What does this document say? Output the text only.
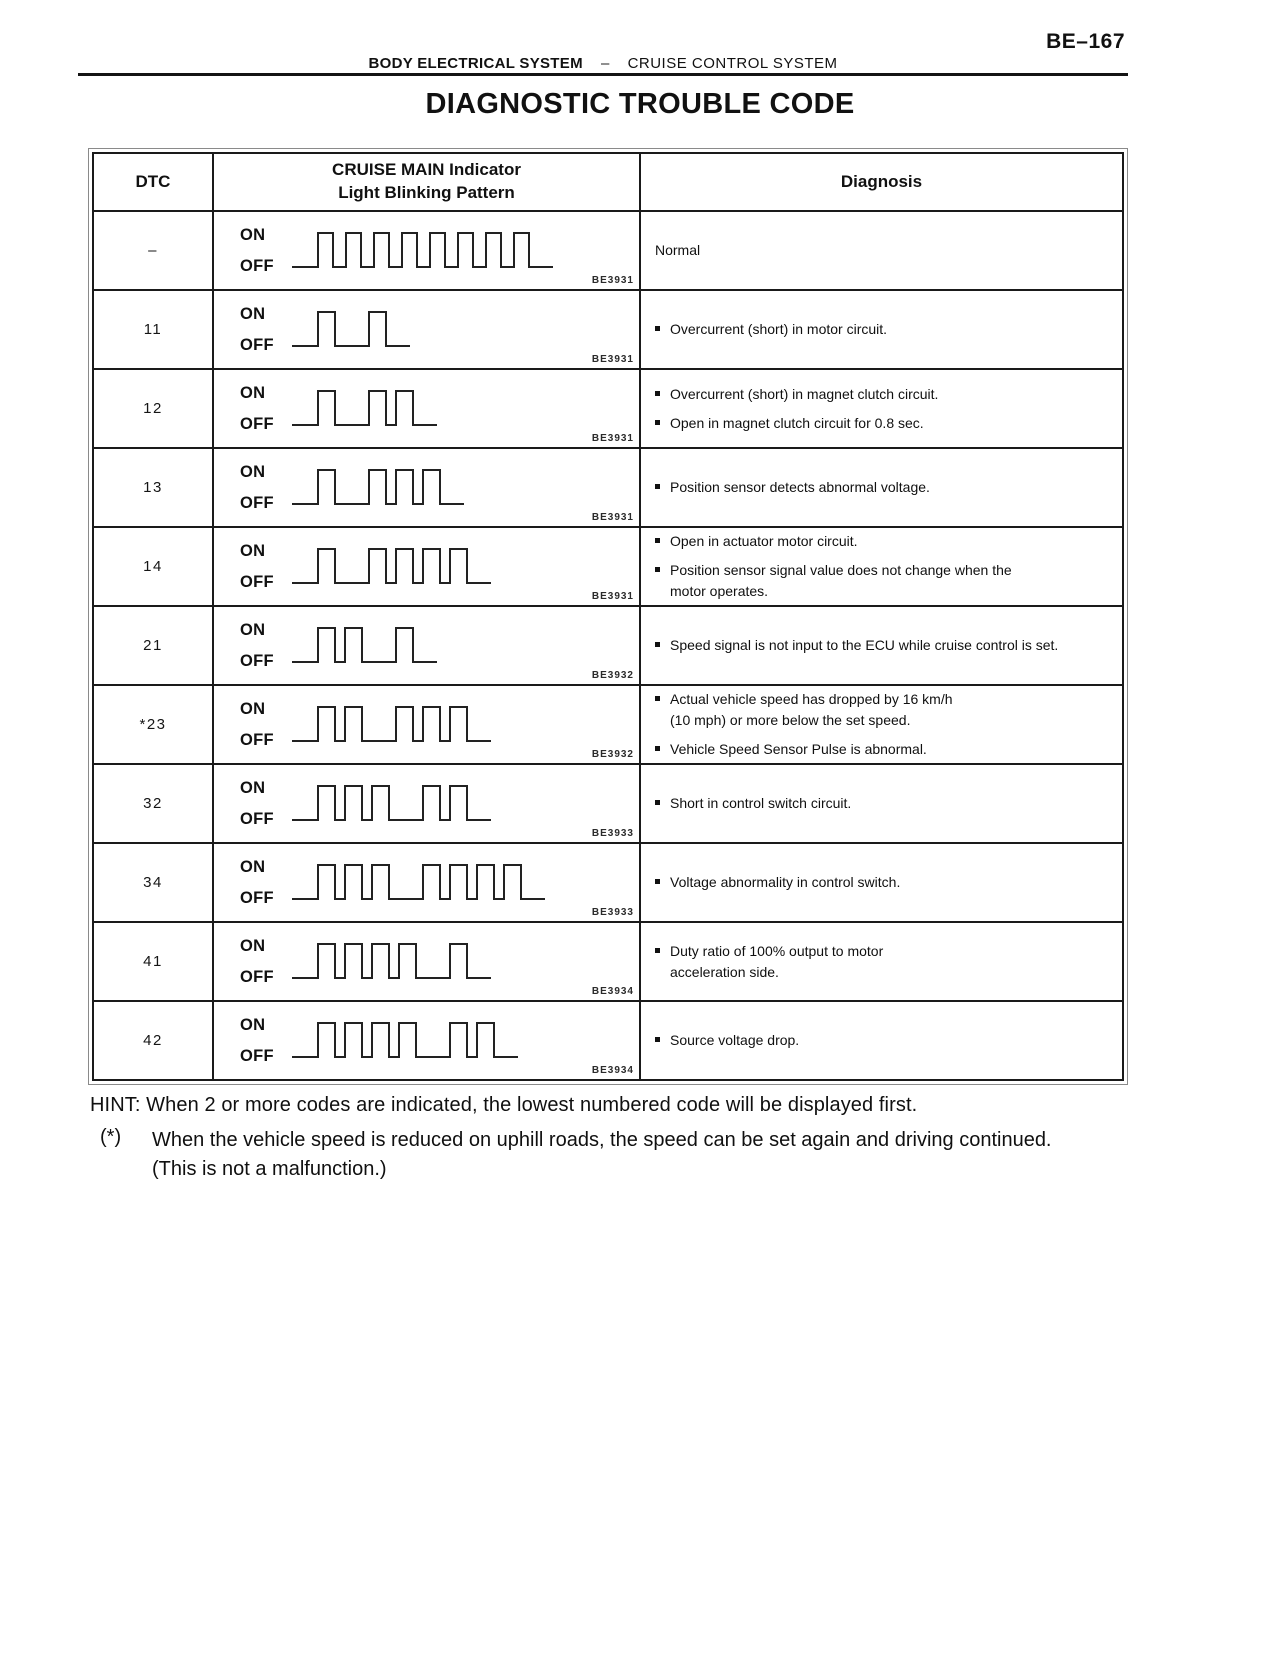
BE–167
BODY ELECTRICAL SYSTEM – CRUISE CONTROL SYSTEM
DIAGNOSTIC TROUBLE CODE
DTC
CRUISE MAIN Indicator
Light Blinking Pattern
Diagnosis
–
ON
OFF
BE3931
Normal
11
ON
OFF
BE3931
Overcurrent (short) in motor circuit.
12
ON
OFF
BE3931
Overcurrent (short) in magnet clutch circuit.
Open in magnet clutch circuit for 0.8 sec.
13
ON
OFF
BE3931
Position sensor detects abnormal voltage.
14
ON
OFF
BE3931
Open in actuator motor circuit.
Position sensor signal value does not change when the
motor operates.
21
ON
OFF
BE3932
Speed signal is not input to the ECU while cruise control is set.
*23
ON
OFF
BE3932
Actual vehicle speed has dropped by 16 km/h
(10 mph) or more below the set speed.
Vehicle Speed Sensor Pulse is abnormal.
32
ON
OFF
BE3933
Short in control switch circuit.
34
ON
OFF
BE3933
Voltage abnormality in control switch.
41
ON
OFF
BE3934
Duty ratio of 100% output to motor
acceleration side.
42
ON
OFF
BE3934
Source voltage drop.
HINT: When 2 or more codes are indicated, the lowest numbered code will be displayed first.
(*)	When the vehicle speed is reduced on uphill roads, the speed can be set again and driving continued.
(This is not a malfunction.)
